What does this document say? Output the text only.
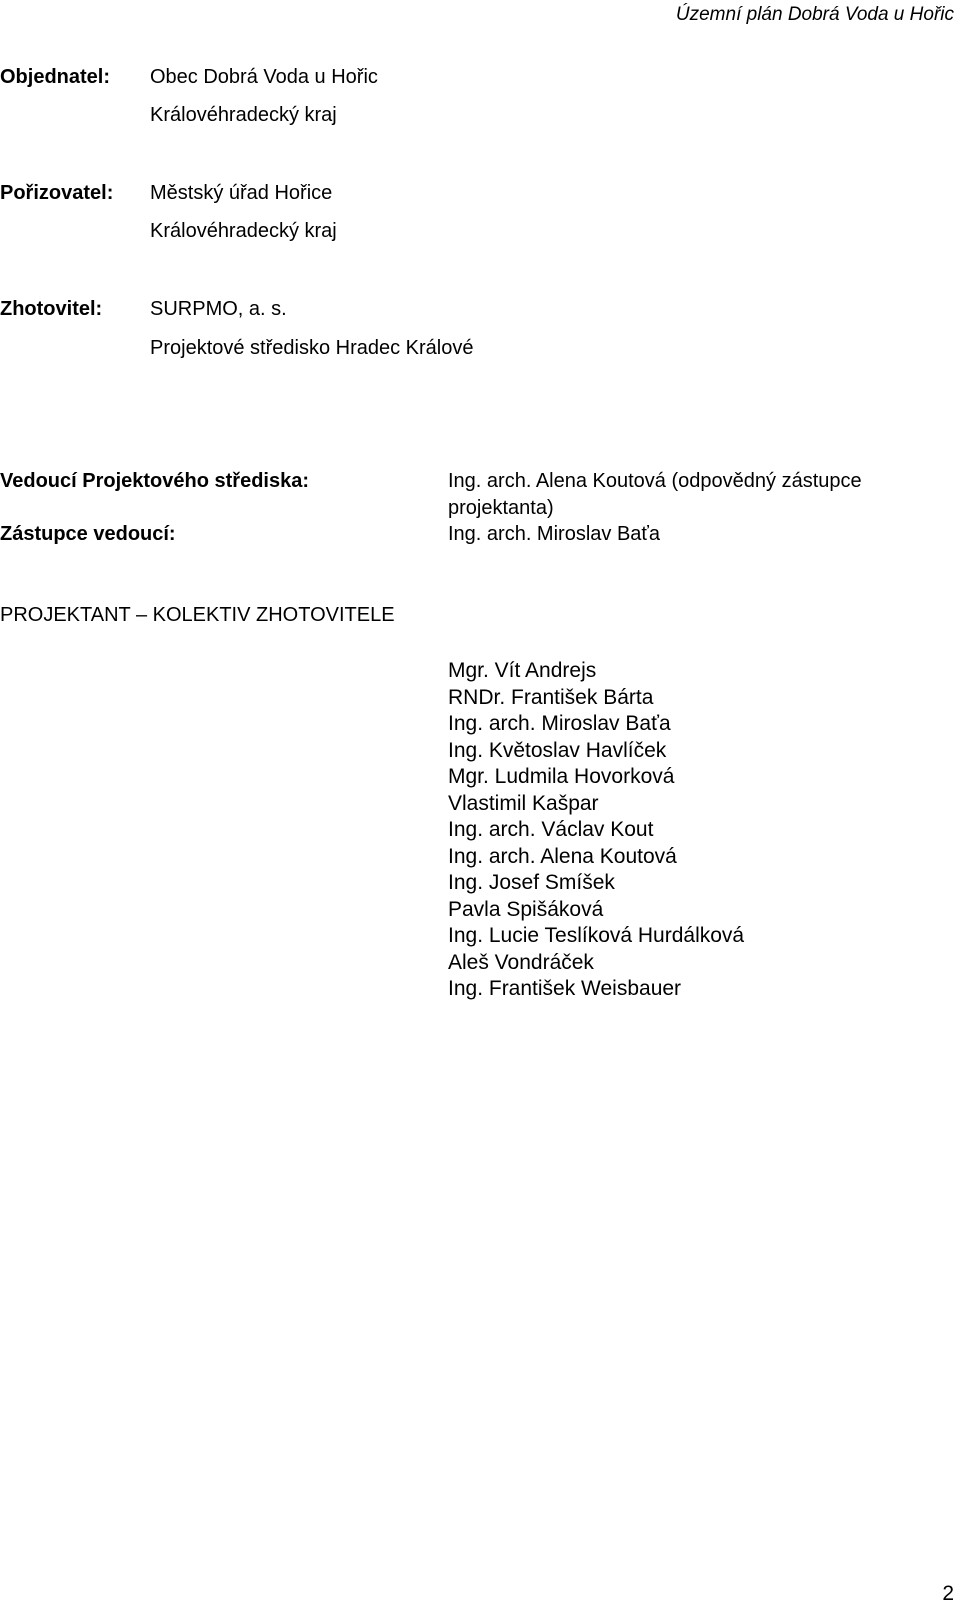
Územní plán Dobrá Voda u Hořic
Objednatel: Obec Dobrá Voda u Hořic
Královéhradecký kraj
Pořizovatel: Městský úřad Hořice
Královéhradecký kraj
Zhotovitel: SURPMO, a. s.
Projektové středisko Hradec Králové
Vedoucí Projektového střediska:	Ing. arch. Alena Koutová (odpovědný zástupce
projektanta)
Zástupce vedoucí:	Ing. arch. Miroslav Baťa
PROJEKTANT – KOLEKTIV ZHOTOVITELE
Mgr. Vít Andrejs
RNDr. František Bárta
Ing. arch. Miroslav Baťa
Ing. Květoslav Havlíček
Mgr. Ludmila Hovorková
Vlastimil Kašpar
Ing. arch. Václav Kout
Ing. arch. Alena Koutová
Ing. Josef Smíšek
Pavla Spišáková
Ing. Lucie Teslíková Hurdálková
Aleš Vondráček
Ing. František Weisbauer
2
